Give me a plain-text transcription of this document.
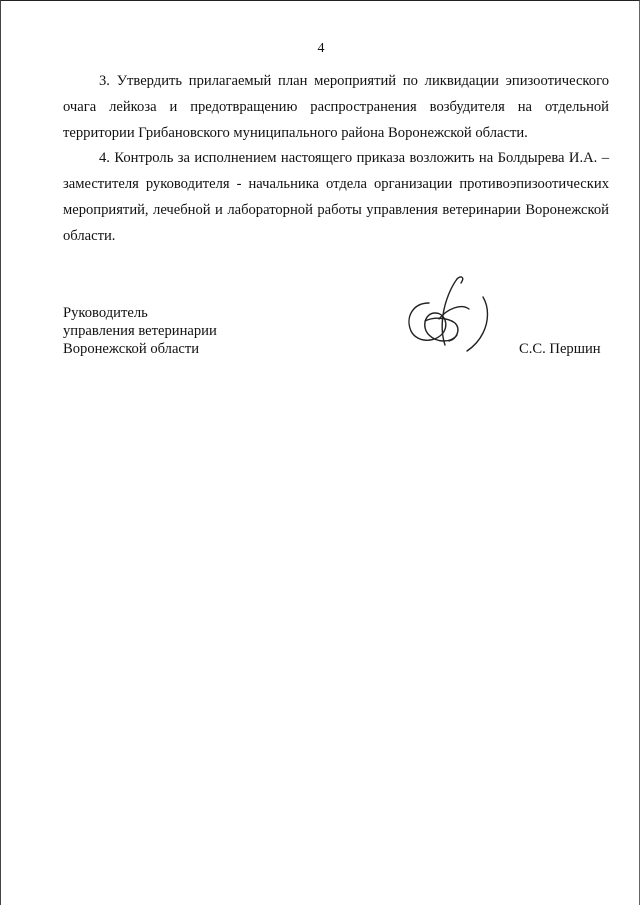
4

3. Утвердить прилагаемый план мероприятий по ликвидации эпизоотического очага лейкоза и предотвращению распространения возбудителя на отдельной территории Грибановского муниципального района Воронежской области.

4. Контроль за исполнением настоящего приказа возложить на Болдырева И.А. – заместителя руководителя - начальника отдела организации противоэпизоотических мероприятий, лечебной и лабораторной работы управления ветеринарии Воронежской области.

Руководитель
управления ветеринарии
Воронежской области	С.С. Першин
